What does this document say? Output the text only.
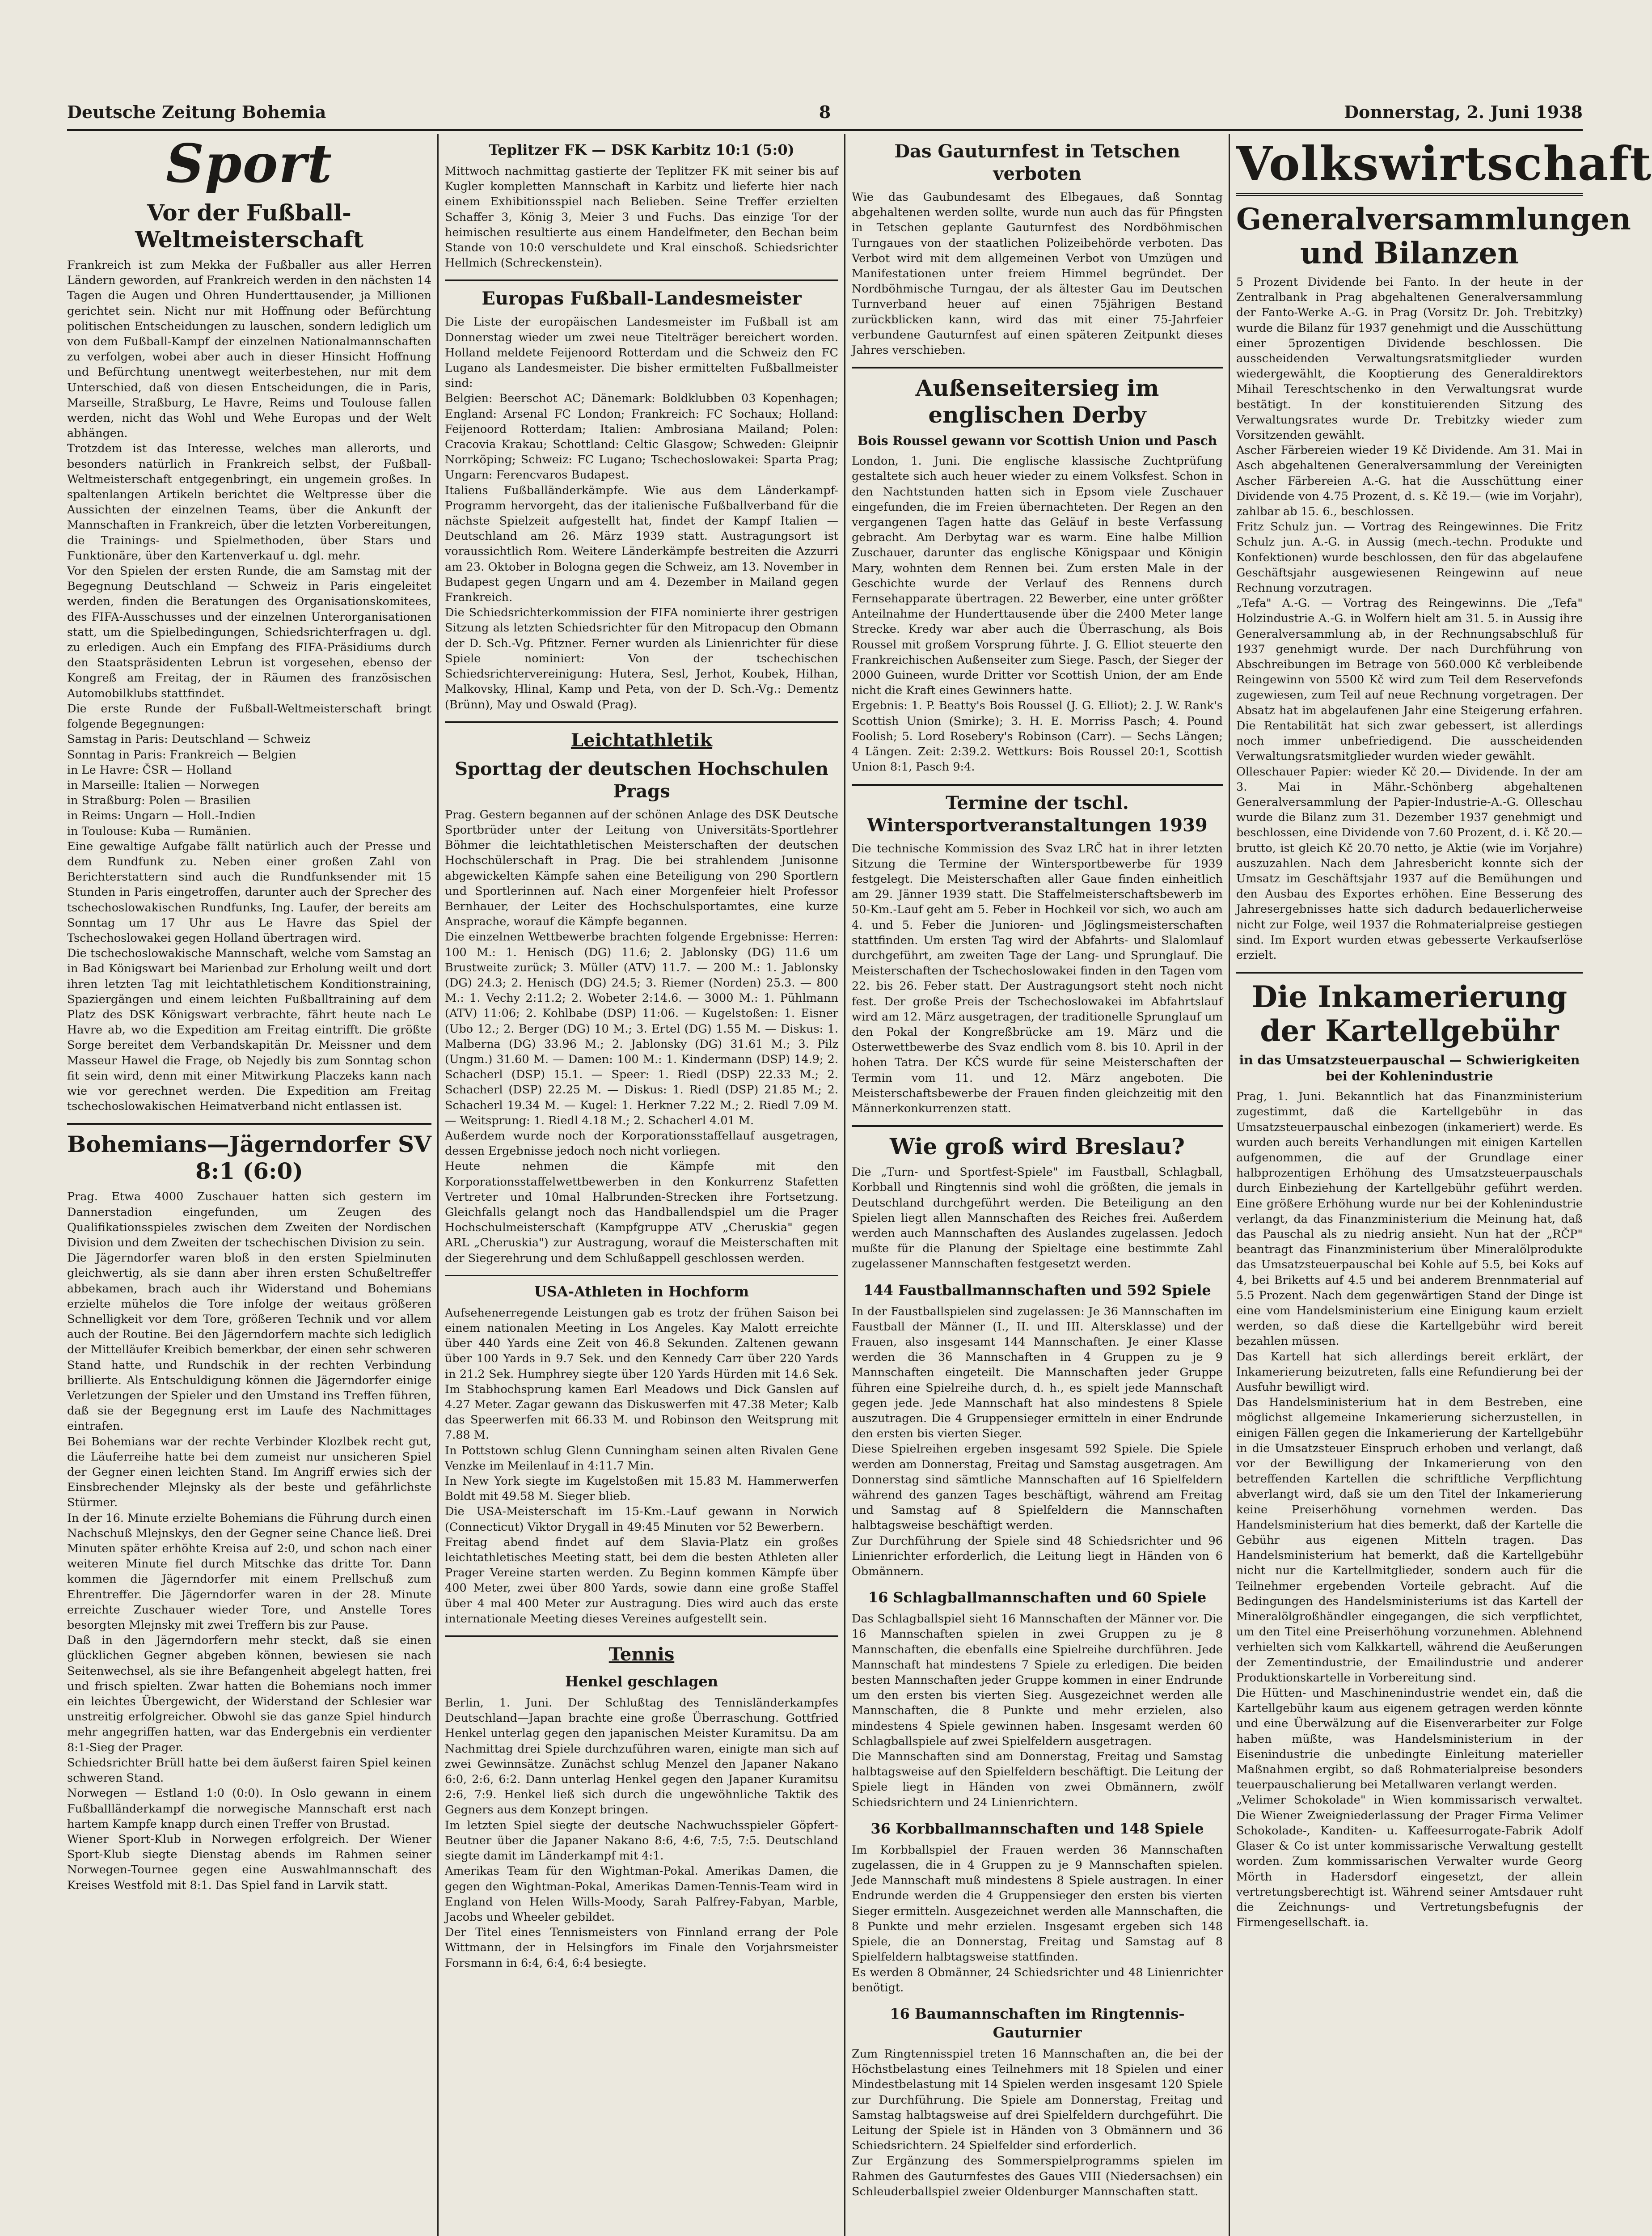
Deutsche Zeitung Bohemia	8	Donnerstag, 2. Juni 1938
Sport
Vor der Fußball-Weltmeisterschaft

Frankreich ist zum Mekka der Fußballer aus aller Herren Ländern geworden, auf Frankreich werden in den nächsten 14 Tagen die Augen und Ohren Hunderttausender, ja Millionen gerichtet sein. Nicht nur mit Hoffnung oder Befürchtung politischen Entscheidungen zu lauschen, sondern lediglich um von dem Fußball-Kampf der einzelnen Nationalmannschaften zu verfolgen, wobei aber auch in dieser Hinsicht Hoffnung und Befürchtung unentwegt weiterbestehen, nur mit dem Unterschied, daß von diesen Entscheidungen, die in Paris, Marseille, Straßburg, Le Havre, Reims und Toulouse fallen werden, nicht das Wohl und Wehe Europas und der Welt abhängen.

Trotzdem ist das Interesse, welches man allerorts, und besonders natürlich in Frankreich selbst, der Fußball-Weltmeisterschaft entgegenbringt, ein ungemein großes. In spaltenlangen Artikeln berichtet die Weltpresse über die Aussichten der einzelnen Teams, über die Ankunft der Mannschaften in Frankreich, über die letzten Vorbereitungen, die Trainings- und Spielmethoden, über Stars und Funktionäre, über den Kartenverkauf u. dgl. mehr.

Vor den Spielen der ersten Runde, die am Samstag mit der Begegnung Deutschland — Schweiz in Paris eingeleitet werden, finden die Beratungen des Organisationskomitees, des FIFA-Ausschusses und der einzelnen Unterorganisationen statt, um die Spielbedingungen, Schiedsrichterfragen u. dgl. zu erledigen. Auch ein Empfang des FIFA-Präsidiums durch den Staatspräsidenten Lebrun ist vorgesehen, ebenso der Kongreß am Freitag, der in Räumen des französischen Automobilklubs stattfindet.

Die erste Runde der Fußball-Weltmeisterschaft bringt folgende Begegnungen:

Samstag in Paris: Deutschland — Schweiz

Sonntag in Paris: Frankreich — Belgien

in Le Havre: ČSR — Holland

in Marseille: Italien — Norwegen

in Straßburg: Polen — Brasilien

in Reims: Ungarn — Holl.-Indien

in Toulouse: Kuba — Rumänien.

Eine gewaltige Aufgabe fällt natürlich auch der Presse und dem Rundfunk zu. Neben einer großen Zahl von Berichterstattern sind auch die Rundfunksender mit 15 Stunden in Paris eingetroffen, darunter auch der Sprecher des tschechoslowakischen Rundfunks, Ing. Laufer, der bereits am Sonntag um 17 Uhr aus Le Havre das Spiel der Tschechoslowakei gegen Holland übertragen wird.

Die tschechoslowakische Mannschaft, welche vom Samstag an in Bad Königswart bei Marienbad zur Erholung weilt und dort ihren letzten Tag mit leichtathletischem Konditionstraining, Spaziergängen und einem leichten Fußballtraining auf dem Platz des DSK Königswart verbrachte, fährt heute nach Le Havre ab, wo die Expedition am Freitag eintrifft. Die größte Sorge bereitet dem Verbandskapitän Dr. Meissner und dem Masseur Hawel die Frage, ob Nejedly bis zum Sonntag schon fit sein wird, denn mit einer Mitwirkung Placzeks kann nach wie vor gerechnet werden. Die Expedition am Freitag tschechoslowakischen Heimatverband nicht entlassen ist.

Bohemians—Jägerndorfer SV 8:1 (6:0)

Prag. Etwa 4000 Zuschauer hatten sich gestern im Dannerstadion eingefunden, um Zeugen des Qualifikationsspieles zwischen dem Zweiten der Nordischen Division und dem Zweiten der tschechischen Division zu sein.

Die Jägerndorfer waren bloß in den ersten Spielminuten gleichwertig, als sie dann aber ihren ersten Schußeltreffer abbekamen, brach auch ihr Widerstand und Bohemians erzielte mühelos die Tore infolge der weitaus größeren Schnelligkeit vor dem Tore, größeren Technik und vor allem auch der Routine. Bei den Jägerndorfern machte sich lediglich der Mittelläufer Kreibich bemerkbar, der einen sehr schweren Stand hatte, und Rundschik in der rechten Verbindung brillierte. Als Entschuldigung können die Jägerndorfer einige Verletzungen der Spieler und den Umstand ins Treffen führen, daß sie der Begegnung erst im Laufe des Nachmittages eintrafen.

Bei Bohemians war der rechte Verbinder Klozlbek recht gut, die Läuferreihe hatte bei dem zumeist nur unsicheren Spiel der Gegner einen leichten Stand. Im Angriff erwies sich der Einsbrechender Mlejnsky als der beste und gefährlichste Stürmer.

In der 16. Minute erzielte Bohemians die Führung durch einen Nachschuß Mlejnskys, den der Gegner seine Chance ließ. Drei Minuten später erhöhte Kreisa auf 2:0, und schon nach einer weiteren Minute fiel durch Mitschke das dritte Tor. Dann kommen die Jägerndorfer mit einem Prellschuß zum Ehrentreffer. Die Jägerndorfer waren in der 28. Minute erreichte Zuschauer wieder Tore, und Anstelle Tores besorgten Mlejnsky mit zwei Treffern bis zur Pause.

Daß in den Jägerndorfern mehr steckt, daß sie einen glücklichen Gegner abgeben können, bewiesen sie nach Seitenwechsel, als sie ihre Befangenheit abgelegt hatten, frei und frisch spielten. Zwar hatten die Bohemians noch immer ein leichtes Übergewicht, der Widerstand der Schlesier war unstreitig erfolgreicher. Obwohl sie das ganze Spiel hindurch mehr angegriffen hatten, war das Endergebnis ein verdienter 8:1-Sieg der Prager.

Schiedsrichter Brüll hatte bei dem äußerst fairen Spiel keinen schweren Stand.

Norwegen — Estland 1:0 (0:0). In Oslo gewann in einem Fußballländerkampf die norwegische Mannschaft erst nach hartem Kampfe knapp durch einen Treffer von Brustad.

Wiener Sport-Klub in Norwegen erfolgreich. Der Wiener Sport-Klub siegte Dienstag abends im Rahmen seiner Norwegen-Tournee gegen eine Auswahlmannschaft des Kreises Westfold mit 8:1. Das Spiel fand in Larvik statt.

Teplitzer FK — DSK Karbitz 10:1 (5:0)

Mittwoch nachmittag gastierte der Teplitzer FK mit seiner bis auf Kugler kompletten Mannschaft in Karbitz und lieferte hier nach einem Exhibitionsspiel nach Belieben. Seine Treffer erzielten Schaffer 3, König 3, Meier 3 und Fuchs. Das einzige Tor der heimischen resultierte aus einem Handelfmeter, den Bechan beim Stande von 10:0 verschuldete und Kral einschoß. Schiedsrichter Hellmich (Schreckenstein).

Europas Fußball-Landesmeister

Die Liste der europäischen Landesmeister im Fußball ist am Donnerstag wieder um zwei neue Titelträger bereichert worden. Holland meldete Feijenoord Rotterdam und die Schweiz den FC Lugano als Landesmeister. Die bisher ermittelten Fußballmeister sind:

Belgien: Beerschot AC; Dänemark: Boldklubben 03 Kopenhagen; England: Arsenal FC London; Frankreich: FC Sochaux; Holland: Feijenoord Rotterdam; Italien: Ambrosiana Mailand; Polen: Cracovia Krakau; Schottland: Celtic Glasgow; Schweden: Gleipnir Norrköping; Schweiz: FC Lugano; Tschechoslowakei: Sparta Prag; Ungarn: Ferencvaros Budapest.

Italiens Fußballänderkämpfe. Wie aus dem Länderkampf-Programm hervorgeht, das der italienische Fußballverband für die nächste Spielzeit aufgestellt hat, findet der Kampf Italien — Deutschland am 26. März 1939 statt. Austragungsort ist voraussichtlich Rom. Weitere Länderkämpfe bestreiten die Azzurri am 23. Oktober in Bologna gegen die Schweiz, am 13. November in Budapest gegen Ungarn und am 4. Dezember in Mailand gegen Frankreich.

Die Schiedsrichterkommission der FIFA nominierte ihrer gestrigen Sitzung als letzten Schiedsrichter für den Mitropacup den Obmann der D. Sch.-Vg. Pfitzner. Ferner wurden als Linienrichter für diese Spiele nominiert: Von der tschechischen Schiedsrichtervereinigung: Hutera, Sesl, Jerhot, Koubek, Hilhan, Malkovsky, Hlinal, Kamp und Peta, von der D. Sch.-Vg.: Dementz (Brünn), May und Oswald (Prag).

Leichtathletik
Sporttag der deutschen Hochschulen Prags

Prag. Gestern begannen auf der schönen Anlage des DSK Deutsche Sportbrüder unter der Leitung von Universitäts-Sportlehrer Böhmer die leichtathletischen Meisterschaften der deutschen Hochschülerschaft in Prag. Die bei strahlendem Junisonne abgewickelten Kämpfe sahen eine Beteiligung von 290 Sportlern und Sportlerinnen auf. Nach einer Morgenfeier hielt Professor Bernhauer, der Leiter des Hochschulsportamtes, eine kurze Ansprache, worauf die Kämpfe begannen.

Die einzelnen Wettbewerbe brachten folgende Ergebnisse: Herren: 100 M.: 1. Henisch (DG) 11.6; 2. Jablonsky (DG) 11.6 um Brustweite zurück; 3. Müller (ATV) 11.7. — 200 M.: 1. Jablonsky (DG) 24.3; 2. Henisch (DG) 24.5; 3. Riemer (Norden) 25.3. — 800 M.: 1. Vechy 2:11.2; 2. Wobeter 2:14.6. — 3000 M.: 1. Pühlmann (ATV) 11:06; 2. Kohlbabe (DSP) 11:06. — Kugelstoßen: 1. Eisner (Ubo 12.; 2. Berger (DG) 10 M.; 3. Ertel (DG) 1.55 M. — Diskus: 1. Malberna (DG) 33.96 M.; 2. Jablonsky (DG) 31.61 M.; 3. Pilz (Ungm.) 31.60 M. — Damen: 100 M.: 1. Kindermann (DSP) 14.9; 2. Schacherl (DSP) 15.1. — Speer: 1. Riedl (DSP) 22.33 M.; 2. Schacherl (DSP) 22.25 M. — Diskus: 1. Riedl (DSP) 21.85 M.; 2. Schacherl 19.34 M. — Kugel: 1. Herkner 7.22 M.; 2. Riedl 7.09 M. — Weitsprung: 1. Riedl 4.18 M.; 2. Schacherl 4.01 M.

Außerdem wurde noch der Korporationsstaffellauf ausgetragen, dessen Ergebnisse jedoch noch nicht vorliegen.

Heute nehmen die Kämpfe mit den Korporationsstaffelwettbewerben in den Konkurrenz Stafetten Vertreter und 10mal Halbrunden-Strecken ihre Fortsetzung. Gleichfalls gelangt noch das Handballendspiel um die Prager Hochschulmeisterschaft (Kampfgruppe ATV „Cheruskia" gegen ARL „Cheruskia") zur Austragung, worauf die Meisterschaften mit der Siegerehrung und dem Schlußappell geschlossen werden.

USA-Athleten in Hochform

Aufsehenerregende Leistungen gab es trotz der frühen Saison bei einem nationalen Meeting in Los Angeles. Kay Malott erreichte über 440 Yards eine Zeit von 46.8 Sekunden. Zaltenen gewann über 100 Yards in 9.7 Sek. und den Kennedy Carr über 220 Yards in 21.2 Sek. Humphrey siegte über 120 Yards Hürden mit 14.6 Sek. Im Stabhochsprung kamen Earl Meadows und Dick Ganslen auf 4.27 Meter. Zagar gewann das Diskuswerfen mit 47.38 Meter; Kalb das Speerwerfen mit 66.33 M. und Robinson den Weitsprung mit 7.88 M.

In Pottstown schlug Glenn Cunningham seinen alten Rivalen Gene Venzke im Meilenlauf in 4:11.7 Min.

In New York siegte im Kugelstoßen mit 15.83 M. Hammerwerfen Boldt mit 49.58 M. Sieger blieb.

Die USA-Meisterschaft im 15-Km.-Lauf gewann in Norwich (Connecticut) Viktor Drygall in 49:45 Minuten vor 52 Bewerbern.

Freitag abend findet auf dem Slavia-Platz ein großes leichtathletisches Meeting statt, bei dem die besten Athleten aller Prager Vereine starten werden. Zu Beginn kommen Kämpfe über 400 Meter, zwei über 800 Yards, sowie dann eine große Staffel über 4 mal 400 Meter zur Austragung. Dies wird auch das erste internationale Meeting dieses Vereines aufgestellt sein.

Tennis
Henkel geschlagen

Berlin, 1. Juni. Der Schlußtag des Tennisländerkampfes Deutschland—Japan brachte eine große Überraschung. Gottfried Henkel unterlag gegen den japanischen Meister Kuramitsu. Da am Nachmittag drei Spiele durchzuführen waren, einigte man sich auf zwei Gewinnsätze. Zunächst schlug Menzel den Japaner Nakano 6:0, 2:6, 6:2. Dann unterlag Henkel gegen den Japaner Kuramitsu 2:6, 7:9. Henkel ließ sich durch die ungewöhnliche Taktik des Gegners aus dem Konzept bringen.

Im letzten Spiel siegte der deutsche Nachwuchsspieler Göpfert-Beutner über die Japaner Nakano 8:6, 4:6, 7:5, 7:5. Deutschland siegte damit im Länderkampf mit 4:1.

Amerikas Team für den Wightman-Pokal. Amerikas Damen, die gegen den Wightman-Pokal, Amerikas Damen-Tennis-Team wird in England von Helen Wills-Moody, Sarah Palfrey-Fabyan, Marble, Jacobs und Wheeler gebildet.

Der Titel eines Tennismeisters von Finnland errang der Pole Wittmann, der in Helsingfors im Finale den Vorjahrsmeister Forsmann in 6:4, 6:4, 6:4 besiegte.

Das Gauturnfest in Tetschen verboten

Wie das Gaubundesamt des Elbegaues, daß Sonntag abgehaltenen werden sollte, wurde nun auch das für Pfingsten in Tetschen geplante Gauturnfest des Nordböhmischen Turngaues von der staatlichen Polizeibehörde verboten. Das Verbot wird mit dem allgemeinen Verbot von Umzügen und Manifestationen unter freiem Himmel begründet. Der Nordböhmische Turngau, der als ältester Gau im Deutschen Turnverband heuer auf einen 75jährigen Bestand zurückblicken kann, wird das mit einer 75-Jahrfeier verbundene Gauturnfest auf einen späteren Zeitpunkt dieses Jahres verschieben.

Außenseitersieg im englischen Derby
Bois Roussel gewann vor Scottish Union und Pasch

London, 1. Juni. Die englische klassische Zuchtprüfung gestaltete sich auch heuer wieder zu einem Volksfest. Schon in den Nachtstunden hatten sich in Epsom viele Zuschauer eingefunden, die im Freien übernachteten. Der Regen an den vergangenen Tagen hatte das Geläuf in beste Verfassung gebracht. Am Derbytag war es warm. Eine halbe Million Zuschauer, darunter das englische Königspaar und Königin Mary, wohnten dem Rennen bei. Zum ersten Male in der Geschichte wurde der Verlauf des Rennens durch Fernsehapparate übertragen. 22 Bewerber, eine unter größter Anteilnahme der Hunderttausende über die 2400 Meter lange Strecke. Kredy war aber auch die Überraschung, als Bois Roussel mit großem Vorsprung führte. J. G. Elliot steuerte den Frankreichischen Außenseiter zum Siege. Pasch, der Sieger der 2000 Guineen, wurde Dritter vor Scottish Union, der am Ende nicht die Kraft eines Gewinners hatte.

Ergebnis: 1. P. Beatty's Bois Roussel (J. G. Elliot); 2. J. W. Rank's Scottish Union (Smirke); 3. H. E. Morriss Pasch; 4. Pound Foolish; 5. Lord Rosebery's Robinson (Carr). — Sechs Längen; 4 Längen. Zeit: 2:39.2. Wettkurs: Bois Roussel 20:1, Scottish Union 8:1, Pasch 9:4.

Termine der tschl. Wintersportveranstaltungen 1939

Die technische Kommission des Svaz LRČ hat in ihrer letzten Sitzung die Termine der Wintersportbewerbe für 1939 festgelegt. Die Meisterschaften aller Gaue finden einheitlich am 29. Jänner 1939 statt. Die Staffelmeisterschaftsbewerb im 50-Km.-Lauf geht am 5. Feber in Hochkeil vor sich, wo auch am 4. und 5. Feber die Junioren- und Jöglingsmeisterschaften stattfinden. Um ersten Tag wird der Abfahrts- und Slalomlauf durchgeführt, am zweiten Tage der Lang- und Sprunglauf. Die Meisterschaften der Tschechoslowakei finden in den Tagen vom 22. bis 26. Feber statt. Der Austragungsort steht noch nicht fest. Der große Preis der Tschechoslowakei im Abfahrtslauf wird am 12. März ausgetragen, der traditionelle Sprunglauf um den Pokal der Kongreßbrücke am 19. März und die Osterwettbewerbe des Svaz endlich vom 8. bis 10. April in der hohen Tatra. Der KČS wurde für seine Meisterschaften der Termin vom 11. und 12. März angeboten. Die Meisterschaftsbewerbe der Frauen finden gleichzeitig mit den Männerkonkurrenzen statt.

Wie groß wird Breslau?

Die „Turn- und Sportfest-Spiele" im Faustball, Schlagball, Korbball und Ringtennis sind wohl die größten, die jemals in Deutschland durchgeführt werden. Die Beteiligung an den Spielen liegt allen Mannschaften des Reiches frei. Außerdem werden auch Mannschaften des Auslandes zugelassen. Jedoch mußte für die Planung der Spieltage eine bestimmte Zahl zugelassener Mannschaften festgesetzt werden.

144 Faustballmannschaften und 592 Spiele

In der Faustballspielen sind zugelassen: Je 36 Mannschaften im Faustball der Männer (I., II. und III. Altersklasse) und der Frauen, also insgesamt 144 Mannschaften. Je einer Klasse werden die 36 Mannschaften in 4 Gruppen zu je 9 Mannschaften eingeteilt. Die Mannschaften jeder Gruppe führen eine Spielreihe durch, d. h., es spielt jede Mannschaft gegen jede. Jede Mannschaft hat also mindestens 8 Spiele auszutragen. Die 4 Gruppensieger ermitteln in einer Endrunde den ersten bis vierten Sieger.

Diese Spielreihen ergeben insgesamt 592 Spiele. Die Spiele werden am Donnerstag, Freitag und Samstag ausgetragen. Am Donnerstag sind sämtliche Mannschaften auf 16 Spielfeldern während des ganzen Tages beschäftigt, während am Freitag und Samstag auf 8 Spielfeldern die Mannschaften halbtagsweise beschäftigt werden.

Zur Durchführung der Spiele sind 48 Schiedsrichter und 96 Linienrichter erforderlich, die Leitung liegt in Händen von 6 Obmännern.

16 Schlagballmannschaften und 60 Spiele

Das Schlagballspiel sieht 16 Mannschaften der Männer vor. Die 16 Mannschaften spielen in zwei Gruppen zu je 8 Mannschaften, die ebenfalls eine Spielreihe durchführen. Jede Mannschaft hat mindestens 7 Spiele zu erledigen. Die beiden besten Mannschaften jeder Gruppe kommen in einer Endrunde um den ersten bis vierten Sieg. Ausgezeichnet werden alle Mannschaften, die 8 Punkte und mehr erzielen, also mindestens 4 Spiele gewinnen haben. Insgesamt werden 60 Schlagballspiele auf zwei Spielfeldern ausgetragen.

Die Mannschaften sind am Donnerstag, Freitag und Samstag halbtagsweise auf den Spielfeldern beschäftigt. Die Leitung der Spiele liegt in Händen von zwei Obmännern, zwölf Schiedsrichtern und 24 Linienrichtern.

36 Korbballmannschaften und 148 Spiele

Im Korbballspiel der Frauen werden 36 Mannschaften zugelassen, die in 4 Gruppen zu je 9 Mannschaften spielen. Jede Mannschaft muß mindestens 8 Spiele austragen. In einer Endrunde werden die 4 Gruppensieger den ersten bis vierten Sieger ermitteln. Ausgezeichnet werden alle Mannschaften, die 8 Punkte und mehr erzielen. Insgesamt ergeben sich 148 Spiele, die an Donnerstag, Freitag und Samstag auf 8 Spielfeldern halbtagsweise stattfinden.

Es werden 8 Obmänner, 24 Schiedsrichter und 48 Linienrichter benötigt.

16 Baumannschaften im Ringtennis-Gauturnier

Zum Ringtennisspiel treten 16 Mannschaften an, die bei der Höchstbelastung eines Teilnehmers mit 18 Spielen und einer Mindestbelastung mit 14 Spielen werden insgesamt 120 Spiele zur Durchführung. Die Spiele am Donnerstag, Freitag und Samstag halbtagsweise auf drei Spielfeldern durchgeführt. Die Leitung der Spiele ist in Händen von 3 Obmännern und 36 Schiedsrichtern. 24 Spielfelder sind erforderlich.

Zur Ergänzung des Sommerspielprogramms spielen im Rahmen des Gauturnfestes des Gaues VIII (Niedersachsen) ein Schleuderballspiel zweier Oldenburger Mannschaften statt.

Volkswirtschaft
Generalversammlungen und Bilanzen

5 Prozent Dividende bei Fanto. In der heute in der Zentralbank in Prag abgehaltenen Generalversammlung der Fanto-Werke A.-G. in Prag (Vorsitz Dr. Joh. Trebitzky) wurde die Bilanz für 1937 genehmigt und die Ausschüttung einer 5prozentigen Dividende beschlossen. Die ausscheidenden Verwaltungsratsmitglieder wurden wiedergewählt, die Kooptierung des Generaldirektors Mihail Tereschtschenko in den Verwaltungsrat wurde bestätigt. In der konstituierenden Sitzung des Verwaltungsrates wurde Dr. Trebitzky wieder zum Vorsitzenden gewählt.

Ascher Färbereien wieder 19 Kč Dividende. Am 31. Mai in Asch abgehaltenen Generalversammlung der Vereinigten Ascher Färbereien A.-G. hat die Ausschüttung einer Dividende von 4.75 Prozent, d. s. Kč 19.— (wie im Vorjahr), zahlbar ab 15. 6., beschlossen.

Fritz Schulz jun. — Vortrag des Reingewinnes. Die Fritz Schulz jun. A.-G. in Aussig (mech.-techn. Produkte und Konfektionen) wurde beschlossen, den für das abgelaufene Geschäftsjahr ausgewiesenen Reingewinn auf neue Rechnung vorzutragen.

„Tefa" A.-G. — Vortrag des Reingewinns. Die „Tefa" Holzindustrie A.-G. in Wolfern hielt am 31. 5. in Aussig ihre Generalversammlung ab, in der Rechnungsabschluß für 1937 genehmigt wurde. Der nach Durchführung von Abschreibungen im Betrage von 560.000 Kč verbleibende Reingewinn von 5500 Kč wird zum Teil dem Reservefonds zugewiesen, zum Teil auf neue Rechnung vorgetragen. Der Absatz hat im abgelaufenen Jahr eine Steigerung erfahren. Die Rentabilität hat sich zwar gebessert, ist allerdings noch immer unbefriedigend. Die ausscheidenden Verwaltungsratsmitglieder wurden wieder gewählt.

Olleschauer Papier: wieder Kč 20.— Dividende. In der am 3. Mai in Mähr.-Schönberg abgehaltenen Generalversammlung der Papier-Industrie-A.-G. Olleschau wurde die Bilanz zum 31. Dezember 1937 genehmigt und beschlossen, eine Dividende von 7.60 Prozent, d. i. Kč 20.— brutto, ist gleich Kč 20.70 netto, je Aktie (wie im Vorjahre) auszuzahlen. Nach dem Jahresbericht konnte sich der Umsatz im Geschäftsjahr 1937 auf die Bemühungen und den Ausbau des Exportes erhöhen. Eine Besserung des Jahresergebnisses hatte sich dadurch bedauerlicherweise nicht zur Folge, weil 1937 die Rohmaterialpreise gestiegen sind. Im Export wurden etwas gebesserte Verkaufserlöse erzielt.

Die Inkamerierung der Kartellgebühr
in das Umsatzsteuerpauschal — Schwierigkeiten bei der Kohlenindustrie

Prag, 1. Juni. Bekanntlich hat das Finanzministerium zugestimmt, daß die Kartellgebühr in das Umsatzsteuerpauschal einbezogen (inkameriert) werde. Es wurden auch bereits Verhandlungen mit einigen Kartellen aufgenommen, die auf der Grundlage einer halbprozentigen Erhöhung des Umsatzsteuerpauschals durch Einbeziehung der Kartellgebühr geführt werden. Eine größere Erhöhung wurde nur bei der Kohlenindustrie verlangt, da das Finanzministerium die Meinung hat, daß das Pauschal als zu niedrig ansieht. Nun hat der „RČP" beantragt das Finanzministerium über Mineralölprodukte das Umsatzsteuerpauschal bei Kohle auf 5.5, bei Koks auf 4, bei Briketts auf 4.5 und bei anderem Brennmaterial auf 5.5 Prozent. Nach dem gegenwärtigen Stand der Dinge ist eine vom Handelsministerium eine Einigung kaum erzielt werden, so daß diese die Kartellgebühr wird bereit bezahlen müssen.

Das Kartell hat sich allerdings bereit erklärt, der Inkamerierung beizutreten, falls eine Refundierung bei der Ausfuhr bewilligt wird.

Das Handelsministerium hat in dem Bestreben, eine möglichst allgemeine Inkamerierung sicherzustellen, in einigen Fällen gegen die Inkamerierung der Kartellgebühr in die Umsatzsteuer Einspruch erhoben und verlangt, daß vor der Bewilligung der Inkamerierung von den betreffenden Kartellen die schriftliche Verpflichtung abverlangt wird, daß sie um den Titel der Inkamerierung keine Preiserhöhung vornehmen werden. Das Handelsministerium hat dies bemerkt, daß der Kartelle die Gebühr aus eigenen Mitteln tragen. Das Handelsministerium hat bemerkt, daß die Kartellgebühr nicht nur die Kartellmitglieder, sondern auch für die Teilnehmer ergebenden Vorteile gebracht. Auf die Bedingungen des Handelsministeriums ist das Kartell der Mineralölgroßhändler eingegangen, die sich verpflichtet, um den Titel eine Preiserhöhung vorzunehmen. Ablehnend verhielten sich vom Kalkkartell, während die Aeußerungen der Zementindustrie, der Emailindustrie und anderer Produktionskartelle in Vorbereitung sind.

Die Hütten- und Maschinenindustrie wendet ein, daß die Kartellgebühr kaum aus eigenem getragen werden könnte und eine Überwälzung auf die Eisenverarbeiter zur Folge haben müßte, was Handelsministerium in der Eisenindustrie die unbedingte Einleitung materieller Maßnahmen ergibt, so daß Rohmaterialpreise besonders teuerpauschalierung bei Metallwaren verlangt werden.

„Velimer Schokolade" in Wien kommissarisch verwaltet. Die Wiener Zweigniederlassung der Prager Firma Velimer Schokolade-, Kanditen- u. Kaffeesurrogate-Fabrik Adolf Glaser & Co ist unter kommissarische Verwaltung gestellt worden. Zum kommissarischen Verwalter wurde Georg Mörth in Hadersdorf eingesetzt, der allein vertretungsberechtigt ist. Während seiner Amtsdauer ruht die Zeichnungs- und Vertretungsbefugnis der Firmengesellschaft. ia.
